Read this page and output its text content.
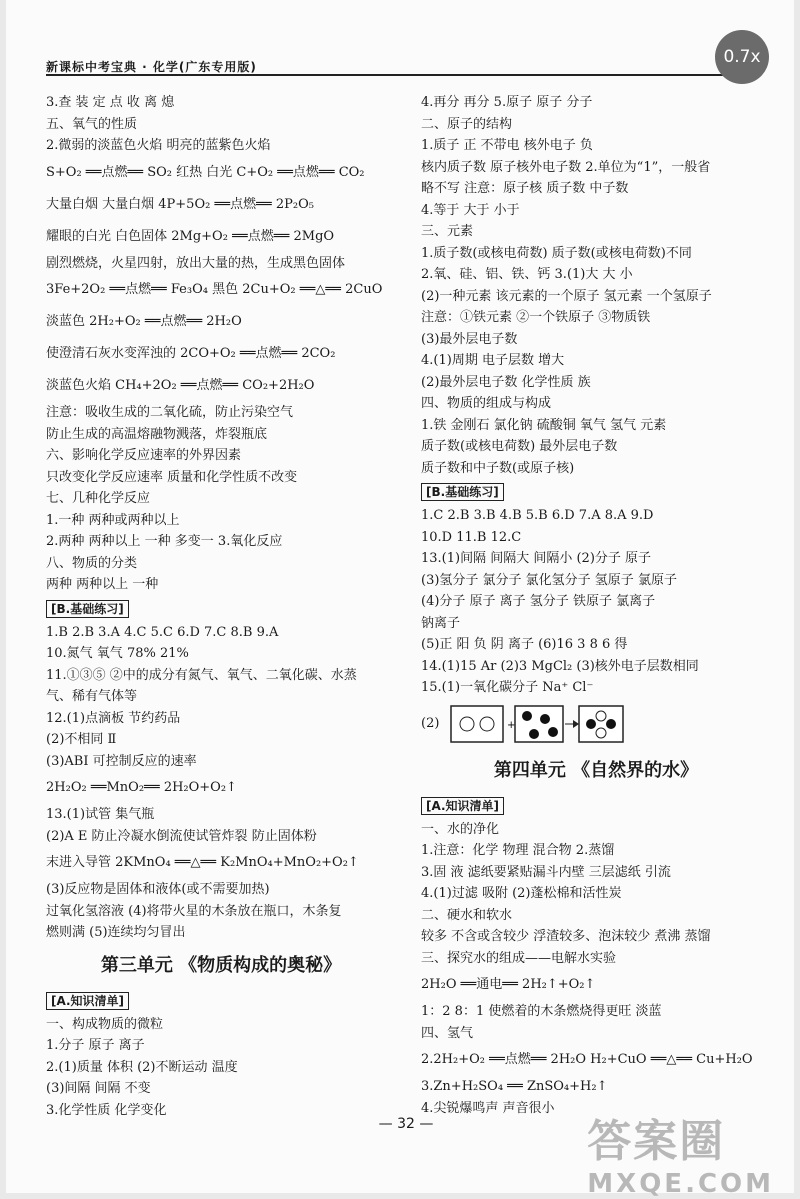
新课标中考宝典 · 化学(广东专用版)
3.查 装 定 点 收 离 熄
五、氧气的性质
2.微弱的淡蓝色火焰 明亮的蓝紫色火焰
S+O₂ ══点燃══ SO₂ 红热 白光 C+O₂ ══点燃══ CO₂
大量白烟 大量白烟 4P+5O₂ ══点燃══ 2P₂O₅
耀眼的白光 白色固体 2Mg+O₂ ══点燃══ 2MgO
剧烈燃烧，火星四射，放出大量的热，生成黑色固体
3Fe+2O₂ ══点燃══ Fe₃O₄ 黑色 2Cu+O₂ ══△══ 2CuO
淡蓝色 2H₂+O₂ ══点燃══ 2H₂O
使澄清石灰水变浑浊的 2CO+O₂ ══点燃══ 2CO₂
淡蓝色火焰 CH₄+2O₂ ══点燃══ CO₂+2H₂O
注意：吸收生成的二氧化硫，防止污染空气
防止生成的高温熔融物溅落，炸裂瓶底
六、影响化学反应速率的外界因素
只改变化学反应速率 质量和化学性质不改变
七、几种化学反应
1.一种 两种或两种以上
2.两种 两种以上 一种 多变一 3.氧化反应
八、物质的分类
两种 两种以上 一种
[B.基础练习]
1.B 2.B 3.A 4.C 5.C 6.D 7.C 8.B 9.A
10.氮气 氧气 78% 21%
11.①③⑤ ②中的成分有氮气、氧气、二氧化碳、水蒸
气、稀有气体等
12.(1)点滴板 节约药品
(2)不相同 Ⅱ
(3)ABI 可控制反应的速率
2H₂O₂ ══MnO₂══ 2H₂O+O₂↑
13.(1)试管 集气瓶
(2)A E 防止冷凝水倒流使试管炸裂 防止固体粉
末进入导管 2KMnO₄ ══△══ K₂MnO₄+MnO₂+O₂↑
(3)反应物是固体和液体(或不需要加热)
过氧化氢溶液 (4)将带火星的木条放在瓶口，木条复
燃则满 (5)连续均匀冒出
第三单元 《物质构成的奥秘》
[A.知识清单]
一、构成物质的微粒
1.分子 原子 离子
2.(1)质量 体积 (2)不断运动 温度
(3)间隔 间隔 不变
3.化学性质 化学变化
4.再分 再分 5.原子 原子 分子
二、原子的结构
1.质子 正 不带电 核外电子 负
核内质子数 原子核外电子数 2.单位为“1”，一般省
略不写 注意：原子核 质子数 中子数
4.等于 大于 小于
三、元素
1.质子数(或核电荷数) 质子数(或核电荷数)不同
2.氧、硅、铝、铁、钙 3.(1)大 大 小
(2)一种元素 该元素的一个原子 氢元素 一个氢原子
注意：①铁元素 ②一个铁原子 ③物质铁
(3)最外层电子数
4.(1)周期 电子层数 增大
(2)最外层电子数 化学性质 族
四、物质的组成与构成
1.铁 金刚石 氯化钠 硫酸铜 氧气 氢气 元素
质子数(或核电荷数) 最外层电子数
质子数和中子数(或原子核)
[B.基础练习]
1.C 2.B 3.B 4.B 5.B 6.D 7.A 8.A 9.D
10.D 11.B 12.C
13.(1)间隔 间隔大 间隔小 (2)分子 原子
(3)氢分子 氯分子 氯化氢分子 氢原子 氯原子
(4)分子 原子 离子 氢分子 铁原子 氯离子
钠离子
(5)正 阳 负 阴 离子 (6)16 3 8 6 得
14.(1)15 Ar (2)3 MgCl₂ (3)核外电子层数相同
15.(1)一氧化碳分子 Na⁺ Cl⁻
(2)	+
第四单元 《自然界的水》
[A.知识清单]
一、水的净化
1.注意：化学 物理 混合物 2.蒸馏
3.固 液 滤纸要紧贴漏斗内壁 三层滤纸 引流
4.(1)过滤 吸附 (2)蓬松棉和活性炭
二、硬水和软水
较多 不含或含较少 浮渣较多、泡沫较少 煮沸 蒸馏
三、探究水的组成——电解水实验
2H₂O ══通电══ 2H₂↑+O₂↑
1：2 8：1 使燃着的木条燃烧得更旺 淡蓝
四、氢气
2.2H₂+O₂ ══点燃══ 2H₂O H₂+CuO ══△══ Cu+H₂O
3.Zn+H₂SO₄ ══ ZnSO₄+H₂↑
4.尖锐爆鸣声 声音很小
— 32 —	答案圈
MXQE.COM
0.7x
